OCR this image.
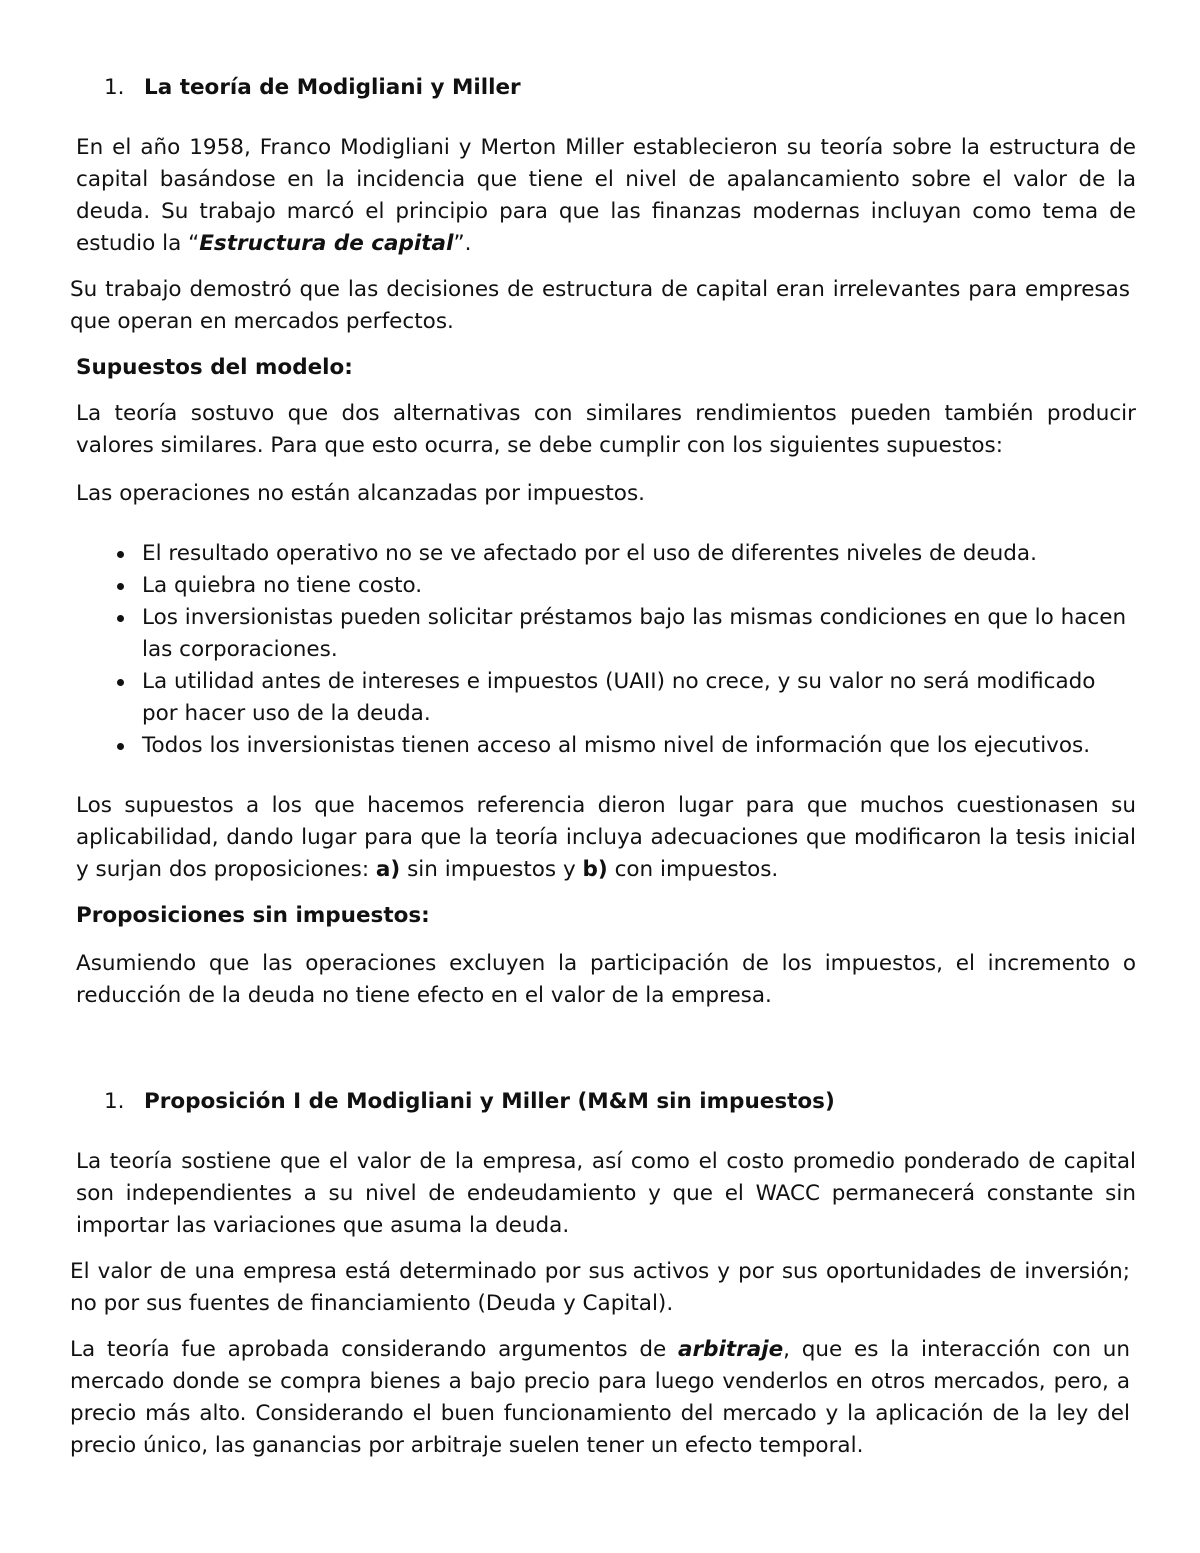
1. La teoría de Modigliani y Miller

En el año 1958, Franco Modigliani y Merton Miller establecieron su teoría sobre la estructura de capital basándose en la incidencia que tiene el nivel de apalancamiento sobre el valor de la deuda. Su trabajo marcó el principio para que las finanzas modernas incluyan como tema de estudio la “Estructura de capital”.

Su trabajo demostró que las decisiones de estructura de capital eran irrelevantes para empresas que operan en mercados perfectos.

Supuestos del modelo:

La teoría sostuvo que dos alternativas con similares rendimientos pueden también producir valores similares. Para que esto ocurra, se debe cumplir con los siguientes supuestos:

Las operaciones no están alcanzadas por impuestos.

El resultado operativo no se ve afectado por el uso de diferentes niveles de deuda.
La quiebra no tiene costo.
Los inversionistas pueden solicitar préstamos bajo las mismas condiciones en que lo hacen las corporaciones.
La utilidad antes de intereses e impuestos (UAII) no crece, y su valor no será modificado por hacer uso de la deuda.
Todos los inversionistas tienen acceso al mismo nivel de información que los ejecutivos.

Los supuestos a los que hacemos referencia dieron lugar para que muchos cuestionasen su aplicabilidad, dando lugar para que la teoría incluya adecuaciones que modificaron la tesis inicial y surjan dos proposiciones: a) sin impuestos y b) con impuestos.

Proposiciones sin impuestos:

Asumiendo que las operaciones excluyen la participación de los impuestos, el incremento o reducción de la deuda no tiene efecto en el valor de la empresa.

1. Proposición I de Modigliani y Miller (M&M sin impuestos)

La teoría sostiene que el valor de la empresa, así como el costo promedio ponderado de capital son independientes a su nivel de endeudamiento y que el WACC permanecerá constante sin importar las variaciones que asuma la deuda.

El valor de una empresa está determinado por sus activos y por sus oportunidades de inversión; no por sus fuentes de financiamiento (Deuda y Capital).

La teoría fue aprobada considerando argumentos de arbitraje, que es la interacción con un mercado donde se compra bienes a bajo precio para luego venderlos en otros mercados, pero, a precio más alto. Considerando el buen funcionamiento del mercado y la aplicación de la ley del precio único, las ganancias por arbitraje suelen tener un efecto temporal.
